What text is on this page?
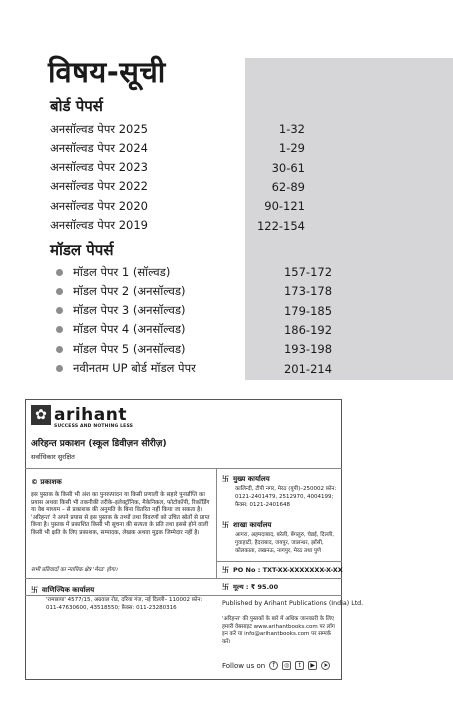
विषय-सूची
बोर्ड पेपर्स
अनसॉल्वड पेपर 2025	1-32
अनसॉल्वड पेपर 2024	1-29
अनसॉल्वड पेपर 2023	30-61
अनसॉल्वड पेपर 2022	62-89
अनसॉल्वड पेपर 2020	90-121
अनसॉल्वड पेपर 2019	122-154
मॉडल पेपर्स
मॉडल पेपर 1 (सॉल्वड)	157-172
मॉडल पेपर 2 (अनसॉल्वड)	173-178
मॉडल पेपर 3 (अनसॉल्वड)	179-185
मॉडल पेपर 4 (अनसॉल्वड)	186-192
मॉडल पेपर 5 (अनसॉल्वड)	193-198
नवीनतम UP बोर्ड मॉडल पेपर	201-214
✿ arihant
SUCCESS AND NOTHING LESS
अरिहन्त प्रकाशन (स्कूल डिवीज़न सीरीज़)
सर्वाधिकार सुरक्षित
© प्रकाशक
इस पुस्तक के किसी भी अंश का पुनरुत्पादन या किसी प्रणाली के सहारे पुनर्प्राप्ति का प्रयास अथवा किसी भी तकनीकी तरीके–इलेक्ट्रॉनिक, मैकेनिकल, फोटोकॉपी, रिकॉर्डिंग या वेब माध्यम – से प्रकाशक की अनुमति के बिना वितरित नहीं किया जा सकता है। 'अरिहन्त' ने अपने प्रयास से इस पुस्तक के तथ्यों तथा विवरणों को उचित स्रोतों से प्राप्त किया है। पुस्तक में प्रकाशित किसी भी सूचना की सत्यता के प्रति तथा इससे होने वाली किसी भी क्षति के लिए प्रकाशक, सम्पादक, लेखक अथवा मुद्रक जिम्मेदार नहीं है।
सभी प्रतिवादों का न्यायिक क्षेत्र 'मेरठ' होगा।
卐 वाणिज्यिक कार्यालय
'रामछाया' 4577/15, अग्रवाल रोड, दरिया गंज, नई दिल्ली– 110002 फ़ोन: 011-47630600, 43518550; फ़ैक्स: 011-23280316
卐 मुख्य कार्यालय
कालिन्दी, टीपी नगर, मेरठ (यूपी)–250002 फ़ोन: 0121-2401479, 2512970, 4004199; फ़ैक्स: 0121-2401648
卐 शाखा कार्यालय
आगरा, अहमदाबाद, बरेली, बेंगलुरु, चेन्नई, दिल्ली, गुवाहाटी, हैदराबाद, जयपुर, जालन्धर, झाँसी, कोलकाता, लखनऊ, नागपुर, मेरठ तथा पुणे
卐 PO No : TXT-XX-XXXXXXX-X-XX
卐 मूल्य : ₹ 95.00
Published by Arihant Publications (India) Ltd.
'अरिहन्त' की पुस्तकों के बारे में अधिक जानकारी के लिए हमारी वेबसाइट www.arihantbooks.com पर लॉग इन करें या info@arihantbooks.com पर सम्पर्क करें।
Follow us on	f	◎	t	▶	➤
